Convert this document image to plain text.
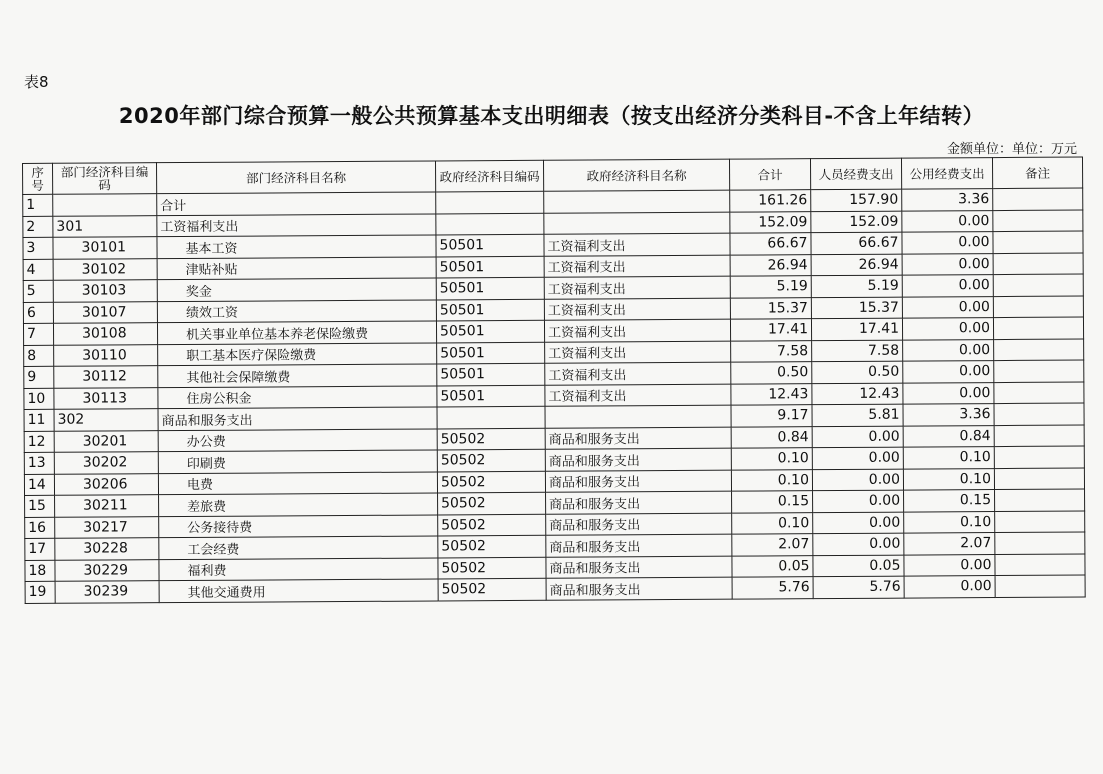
表8
2020年部门综合预算一般公共预算基本支出明细表（按支出经济分类科目-不含上年结转）
金额单位：单位：万元
序号	部门经济科目编码	部门经济科目名称	政府经济科目编码	政府经济科目名称	合计	人员经费支出	公用经费支出	备注
1		合计			161.26	157.90	3.36	
2	301	工资福利支出			152.09	152.09	0.00	
3	30101	基本工资	50501	工资福利支出	66.67	66.67	0.00	
4	30102	津贴补贴	50501	工资福利支出	26.94	26.94	0.00	
5	30103	奖金	50501	工资福利支出	5.19	5.19	0.00	
6	30107	绩效工资	50501	工资福利支出	15.37	15.37	0.00	
7	30108	机关事业单位基本养老保险缴费	50501	工资福利支出	17.41	17.41	0.00	
8	30110	职工基本医疗保险缴费	50501	工资福利支出	7.58	7.58	0.00	
9	30112	其他社会保障缴费	50501	工资福利支出	0.50	0.50	0.00	
10	30113	住房公积金	50501	工资福利支出	12.43	12.43	0.00	
11	302	商品和服务支出			9.17	5.81	3.36	
12	30201	办公费	50502	商品和服务支出	0.84	0.00	0.84	
13	30202	印刷费	50502	商品和服务支出	0.10	0.00	0.10	
14	30206	电费	50502	商品和服务支出	0.10	0.00	0.10	
15	30211	差旅费	50502	商品和服务支出	0.15	0.00	0.15	
16	30217	公务接待费	50502	商品和服务支出	0.10	0.00	0.10	
17	30228	工会经费	50502	商品和服务支出	2.07	0.00	2.07	
18	30229	福利费	50502	商品和服务支出	0.05	0.05	0.00	
19	30239	其他交通费用	50502	商品和服务支出	5.76	5.76	0.00	
